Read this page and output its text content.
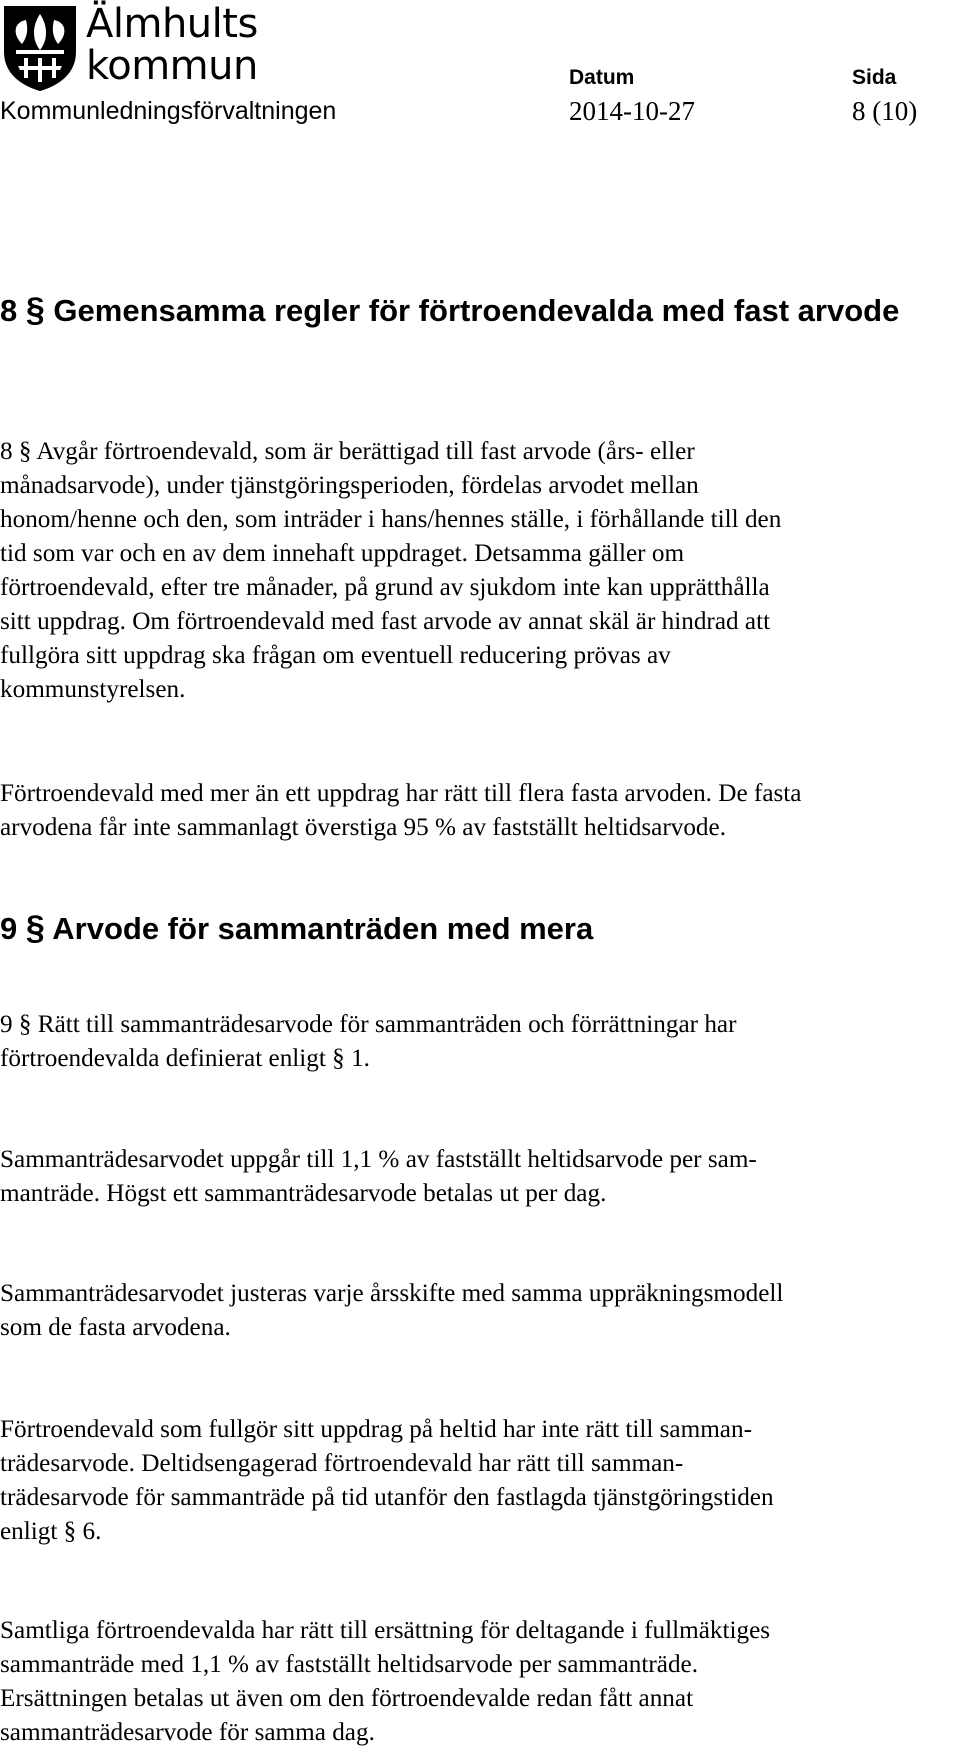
Älmhults
kommun	Datum	Sida
Kommunledningsförvaltningen	2014-10-27	8 (10)
8 § Gemensamma regler för förtroendevalda med fast arvode
8 § Avgår förtroendevald, som är berättigad till fast arvode (års- eller
månadsarvode), under tjänstgöringsperioden, fördelas arvodet mellan
honom/henne och den, som inträder i hans/hennes ställe, i förhållande till den
tid som var och en av dem innehaft uppdraget. Detsamma gäller om
förtroendevald, efter tre månader, på grund av sjukdom inte kan upprätthålla
sitt uppdrag. Om förtroendevald med fast arvode av annat skäl är hindrad att
fullgöra sitt uppdrag ska frågan om eventuell reducering prövas av
kommunstyrelsen.
Förtroendevald med mer än ett uppdrag har rätt till flera fasta arvoden. De fasta
arvodena får inte sammanlagt överstiga 95 % av fastställt heltidsarvode.
9 § Arvode för sammanträden med mera
9 § Rätt till sammanträdesarvode för sammanträden och förrättningar har
förtroendevalda definierat enligt § 1.
Sammanträdesarvodet uppgår till 1,1 % av fastställt heltidsarvode per sam-
manträde. Högst ett sammanträdesarvode betalas ut per dag.
Sammanträdesarvodet justeras varje årsskifte med samma uppräkningsmodell
som de fasta arvodena.
Förtroendevald som fullgör sitt uppdrag på heltid har inte rätt till samman-
trädesarvode. Deltidsengagerad förtroendevald har rätt till samman-
trädesarvode för sammanträde på tid utanför den fastlagda tjänstgöringstiden
enligt § 6.
Samtliga förtroendevalda har rätt till ersättning för deltagande i fullmäktiges
sammanträde med 1,1 % av fastställt heltidsarvode per sammanträde.
Ersättningen betalas ut även om den förtroendevalde redan fått annat
sammanträdesarvode för samma dag.
